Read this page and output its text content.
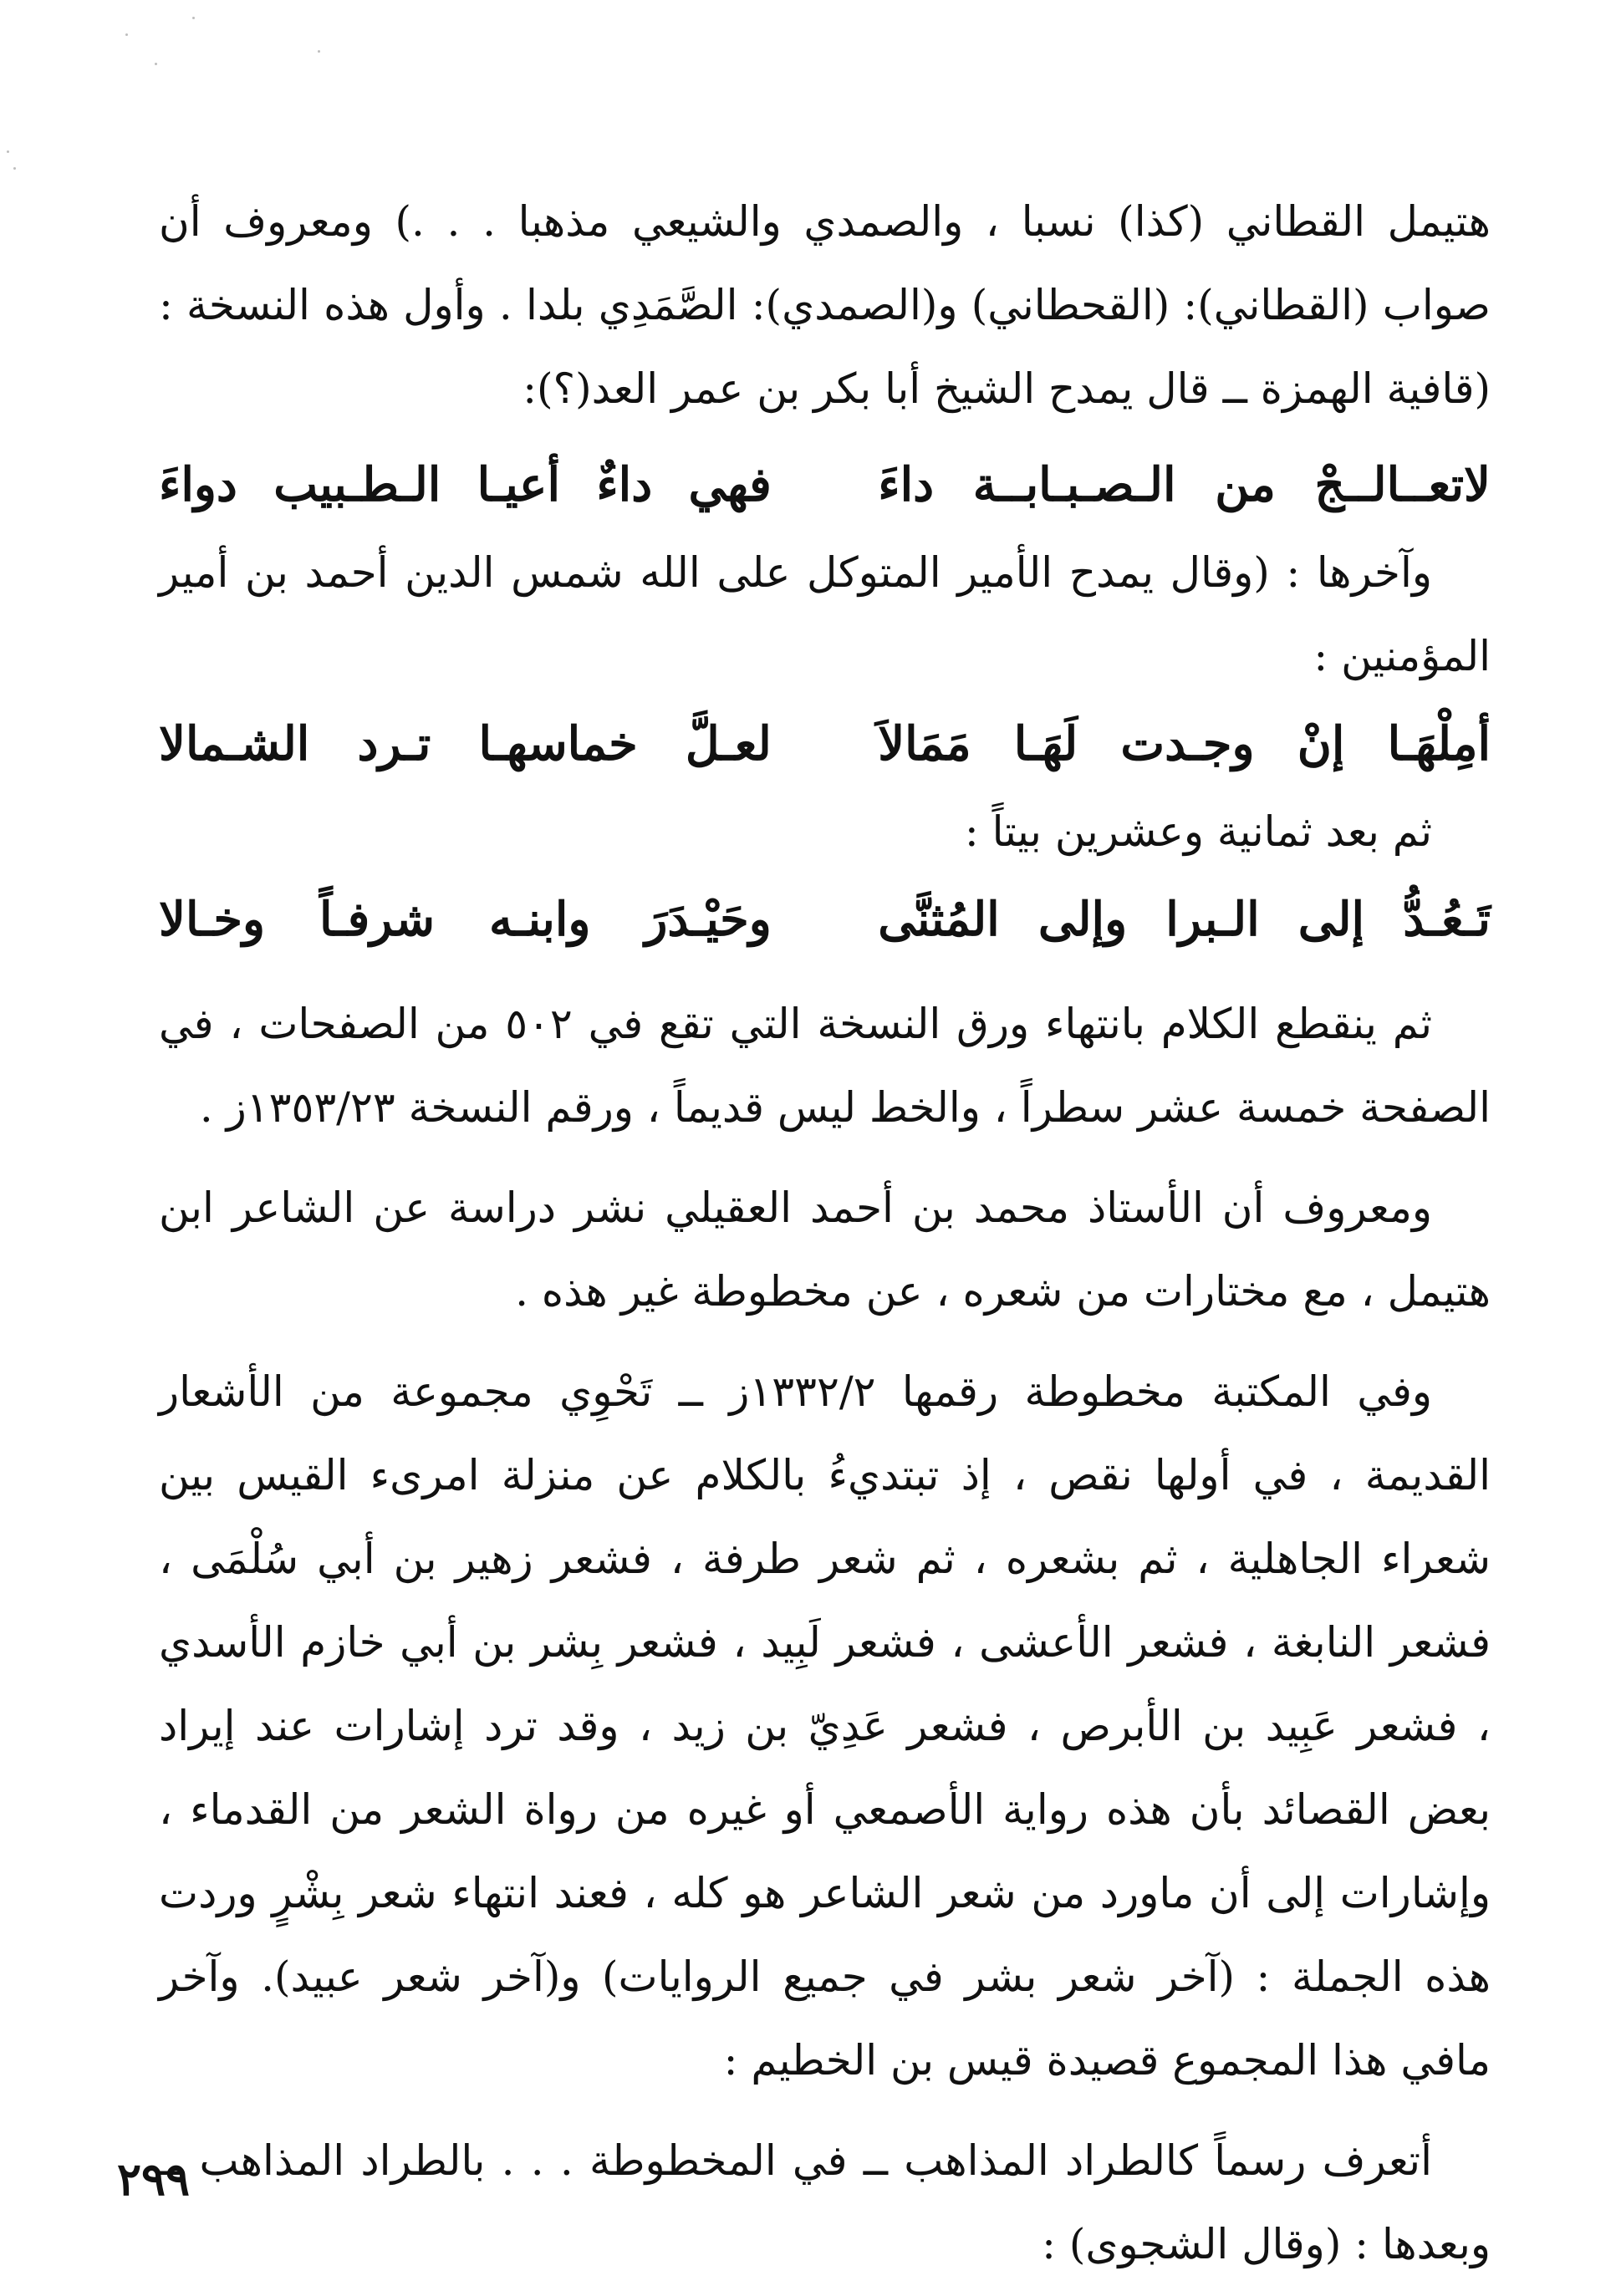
هتيمل القطاني (كذا) نسبا ، والصمدي والشيعي مذهبا . . .) ومعروف أن صواب (القطاني): (القحطاني) و(الصمدي): الصَّمَدِي بلدا . وأول هذه النسخة : (قافية الهمزة ــ قال يمدح الشيخ أبا بكر بن عمر العد(؟):

لاتعــالــجْ من الـصـبـابــة داءَ
فهي داءٌ أعيـا الـطـبيب دواءَ

وآخرها : (وقال يمدح الأمير المتوكل على الله شمس الدين أحمد بن أمير المؤمنين :

أمِلْهَـا إنْ وجـدت لَهَـا مَمَالاَ
لعـلَّ خماسهـا تـرد الشـمالا

ثم بعد ثمانية وعشرين بيتاً :

تَـعُـدُّ إلى الـبرا وإلى المُثنَّى
وحَيْـدَرَ وابنـه شرفـاً وخـالا

ثم ينقطع الكلام بانتهاء ورق النسخة التي تقع في ٥٠٢ من الصفحات ، في الصفحة خمسة عشر سطراً ، والخط ليس قديماً ، ورقم النسخة ١٣٥٣/٢٣ز .

ومعروف أن الأستاذ محمد بن أحمد العقيلي نشر دراسة عن الشاعر ابن هتيمل ، مع مختارات من شعره ، عن مخطوطة غير هذه .

وفي المكتبة مخطوطة رقمها ١٣٣٢/٢ز ــ تَحْوِي مجموعة من الأشعار القديمة ، في أولها نقص ، إذ تبتديءُ بالكلام عن منزلة امرىء القيس بين شعراء الجاهلية ، ثم بشعره ، ثم شعر طرفة ، فشعر زهير بن أبي سُلْمَى ، فشعر النابغة ، فشعر الأعشى ، فشعر لَبِيد ، فشعر بِشر بن أبي خازم الأسدي ، فشعر عَبِيد بن الأبرص ، فشعر عَدِيّ بن زيد ، وقد ترد إشارات عند إيراد بعض القصائد بأن هذه رواية الأصمعي أو غيره من رواة الشعر من القدماء ، وإشارات إلى أن ماورد من شعر الشاعر هو كله ، فعند انتهاء شعر بِشْرٍ وردت هذه الجملة : (آخر شعر بشر في جميع الروايات) و(آخر شعر عبيد). وآخر مافي هذا المجموع قصيدة قيس بن الخطيم :

أتعرف رسماً كالطراد المذاهب ــ في المخطوطة . . . بالطراد المذاهب ــ وبعدها : (وقال الشجوى) :

٢٩٩
